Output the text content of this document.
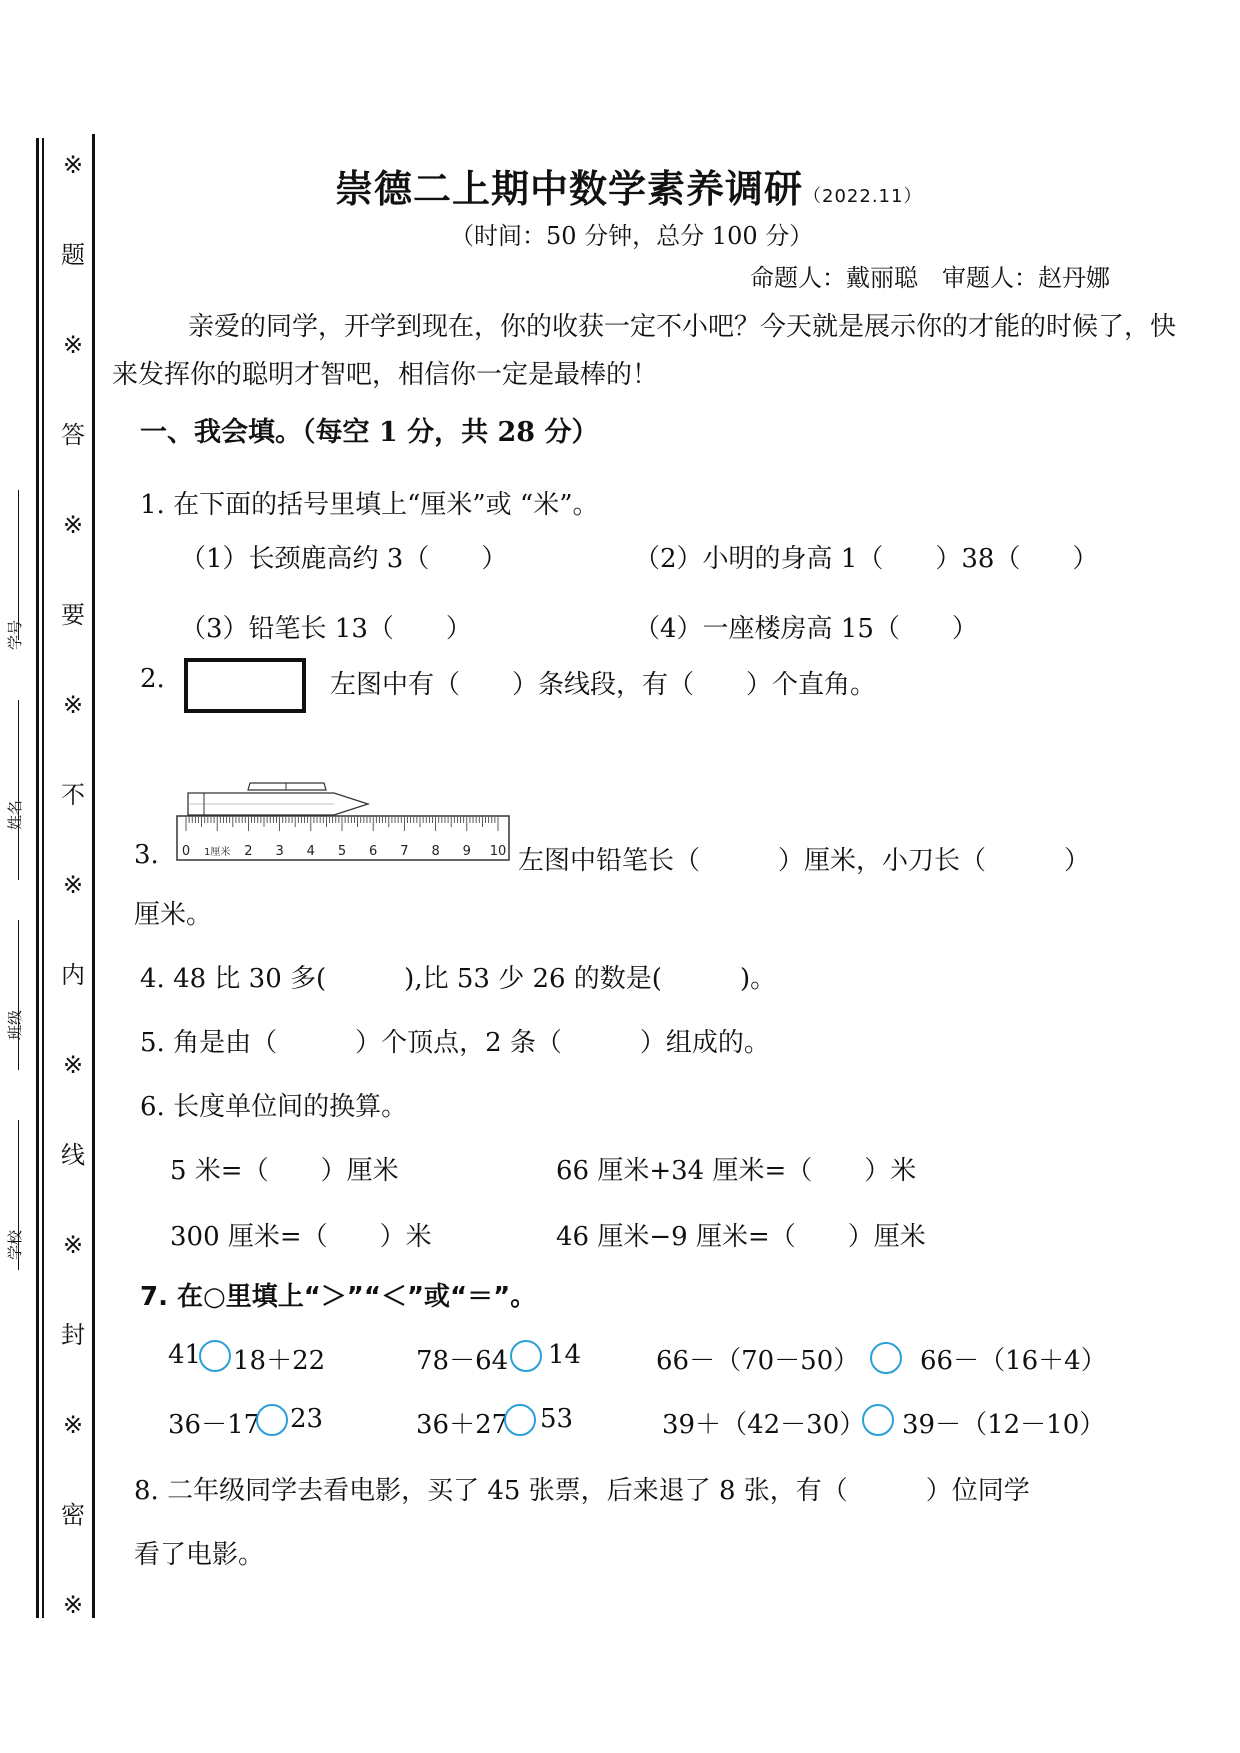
※
题
※
答
※
要
※
不
※
内
※
线
※
封
※
密
※
学号
姓名
班级
学校
崇德二上期中数学素养调研（2022.11）
（时间：50 分钟，总分 100 分）
命题人：戴丽聪　审题人：赵丹娜
亲爱的同学，开学到现在，你的收获一定不小吧？今天就是展示你的才能的时候了，快
来发挥你的聪明才智吧，相信你一定是最棒的！
一、我会填。（每空 1 分，共 28 分）
1. 在下面的括号里填上“厘米”或 “米”。
（1）长颈鹿高约 3（　　）	（2）小明的身高 1（　　）38（　　）
（3）铅笔长 13（　　）	（4）一座楼房高 15（　　）
2.	左图中有（　　）条线段，有（　　）个直角。
3. 0 1厘米 2 3 4 5 6 7 8 9 10 左图中铅笔长（　　　）厘米，小刀长（　　　）
厘米。
4. 48 比 30 多(　　　),比 53 少 26 的数是(　　　)。
5. 角是由（　　　）个顶点，2 条（　　　）组成的。
6. 长度单位间的换算。
5 米=（　　）厘米	66 厘米+34 厘米=（　　）米
300 厘米=（　　）米	46 厘米−9 厘米=（　　）厘米
7. 在○里填上“＞”“＜”或“＝”。
41 18＋22	78－64 14	66－（70－50） 66－（16＋4）
36－17 23	36＋27 53	39＋（42－30） 39－（12－10）
8. 二年级同学去看电影，买了 45 张票，后来退了 8 张，有（　　　）位同学
看了电影。
